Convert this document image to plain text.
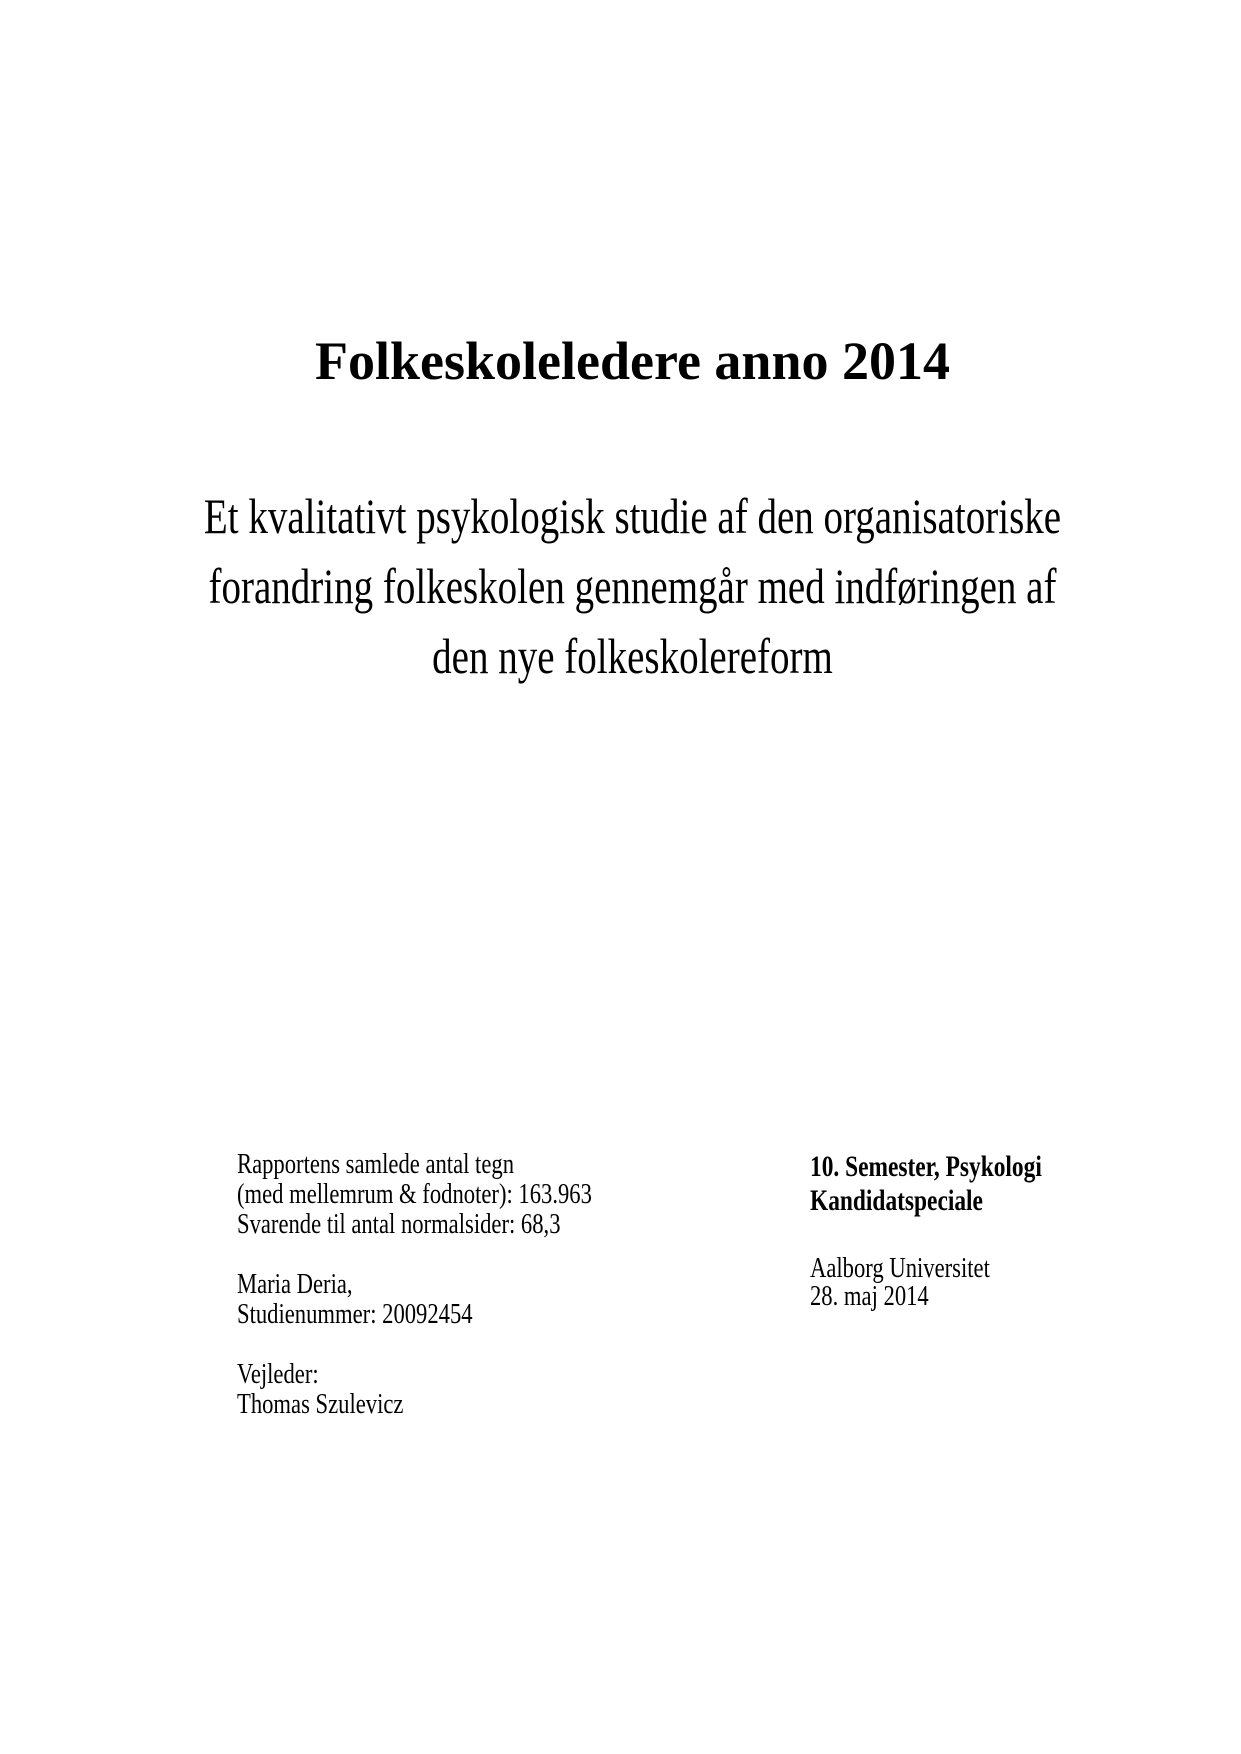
Folkeskoleledere anno 2014
Et kvalitativt psykologisk studie af den organisatoriske
forandring folkeskolen gennemgår med indføringen af
den nye folkeskolereform

Rapportens samlede antal tegn
(med mellemrum & fodnoter): 163.963
Svarende til antal normalsider: 68,3

Maria Deria,
Studienummer: 20092454

Vejleder:
Thomas Szulevicz

10. Semester, Psykologi
Kandidatspeciale

Aalborg Universitet
28. maj 2014
